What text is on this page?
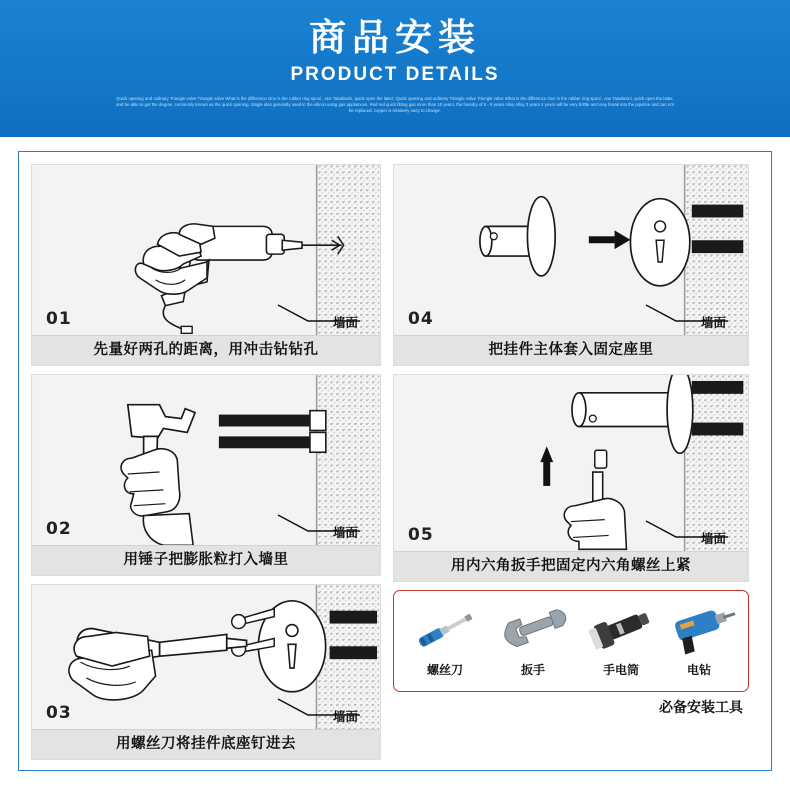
商品安装
PRODUCT DETAILS
Quick opening and ordinary Triangle valve Triangle valve What is the difference One is the rubber ring spool , one Taiwilasini, quick open the latter; Quick opening and ordinary Triangle valve Triangle valve What is the difference One is the rubber ring spool , one Taiwilasini, quick open the latter, and be able to get the degree, commonly known as the quick opening, Single also generally used in the silicon using gas appliances. Red red quick fitting gas more than 10 years, the foundry of 5 - 8 years Alloy Alloy 3 years 4 years will be very brittle and may break into the pipeline and can not be replaced, copper is relatively easy to change.
01	墙面
先量好两孔的距离，用冲击钻钻孔
02	墙面
用锤子把膨胀粒打入墙里
03	墙面
用螺丝刀将挂件底座钉进去
04	墙面
把挂件主体套入固定座里
05	墙面
用内六角扳手把固定内六角螺丝上紧
螺丝刀	扳手	手电筒	电钻
必备安装工具
